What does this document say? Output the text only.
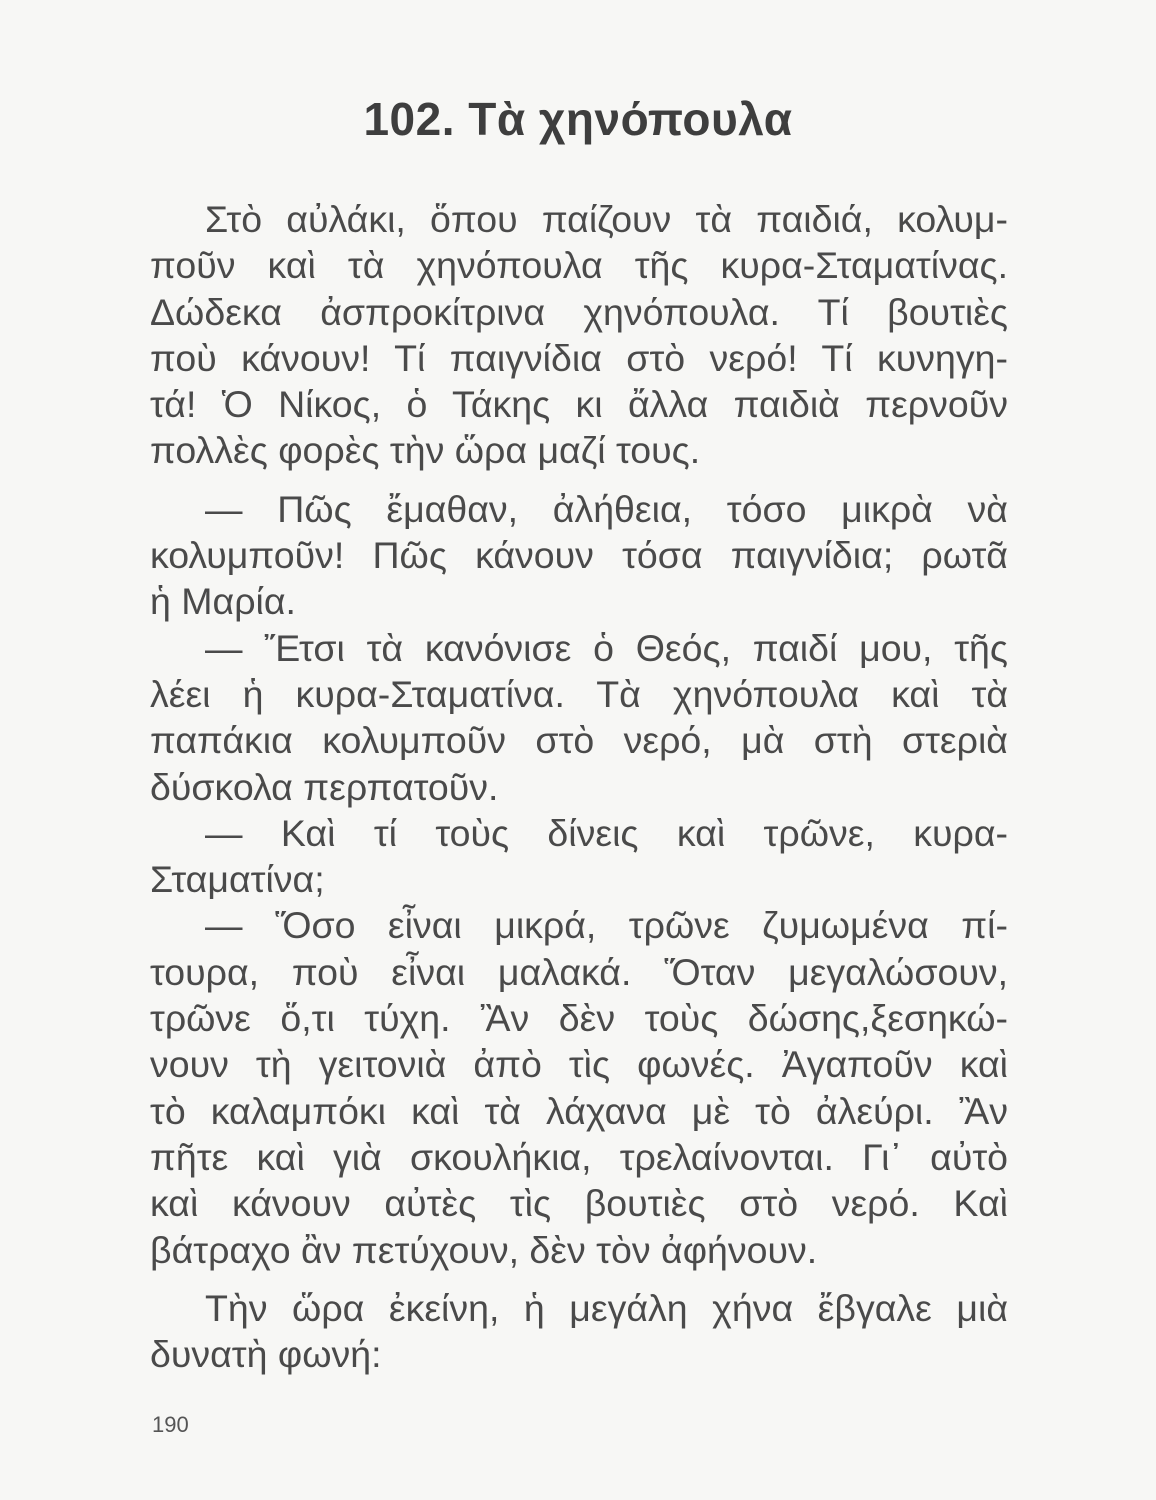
102. Τὰ χηνόπουλα
Στὸ αὐλάκι, ὅπου παίζουν τὰ παιδιά, κολυμ-
ποῦν καὶ τὰ χηνόπουλα τῆς κυρα-Σταματίνας.
Δώδεκα ἀσπροκίτρινα χηνόπουλα. Τί βουτιὲς
ποὺ κάνουν! Τί παιγνίδια στὸ νερό! Τί κυνηγη-
τά! Ὁ Νίκος, ὁ Τάκης κι ἄλλα παιδιὰ περνοῦν
πολλὲς φορὲς τὴν ὥρα μαζί τους.
— Πῶς ἔμαθαν, ἀλήθεια, τόσο μικρὰ νὰ
κολυμποῦν! Πῶς κάνουν τόσα παιγνίδια; ρωτᾶ
ἡ Μαρία.
— Ἔτσι τὰ κανόνισε ὁ Θεός, παιδί μου, τῆς
λέει ἡ κυρα-Σταματίνα. Τὰ χηνόπουλα καὶ τὰ
παπάκια κολυμποῦν στὸ νερό, μὰ στὴ στεριὰ
δύσκολα περπατοῦν.
— Καὶ τί τοὺς δίνεις καὶ τρῶνε, κυρα-
Σταματίνα;
— Ὅσο εἶναι μικρά, τρῶνε ζυμωμένα πί-
τουρα, ποὺ εἶναι μαλακά. Ὅταν μεγαλώσουν,
τρῶνε ὅ,τι τύχη. Ἂν δὲν τοὺς δώσης,ξεσηκώ-
νουν τὴ γειτονιὰ ἀπὸ τὶς φωνές. Ἀγαποῦν καὶ
τὸ καλαμπόκι καὶ τὰ λάχανα μὲ τὸ ἀλεύρι. Ἂν
πῆτε καὶ γιὰ σκουλήκια, τρελαίνονται. Γι᾽ αὐτὸ
καὶ κάνουν αὐτὲς τὶς βουτιὲς στὸ νερό. Καὶ
βάτραχο ἂν πετύχουν, δὲν τὸν ἀφήνουν.
Τὴν ὥρα ἐκείνη, ἡ μεγάλη χήνα ἔβγαλε μιὰ
δυνατὴ φωνή:
190
